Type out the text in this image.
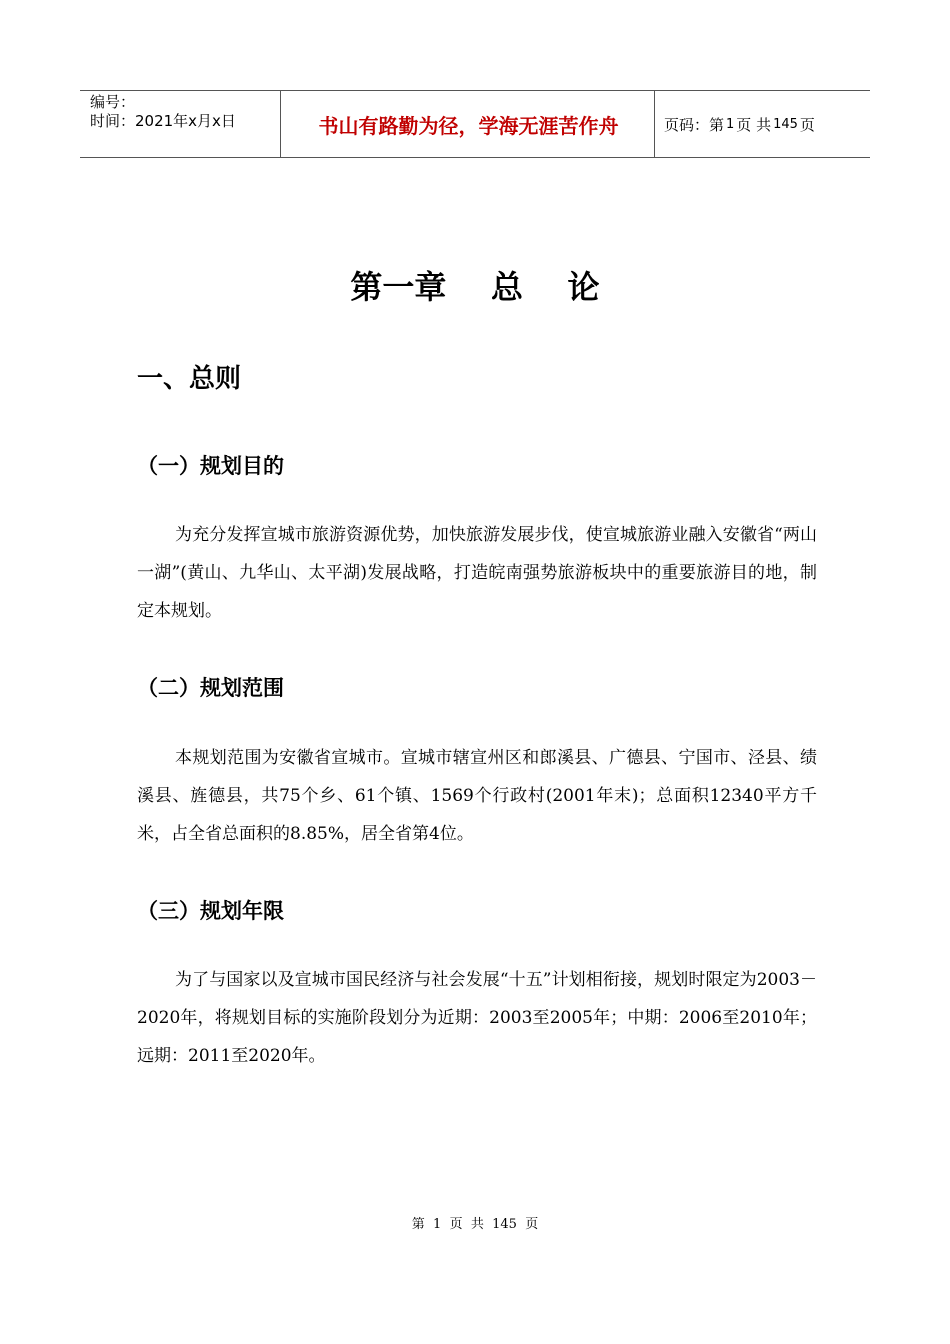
编号：
时间：2021年x月x日	书山有路勤为径，学海无涯苦作舟	页码：第 1 页 共 145 页
第一章    总    论
一、总则
（一）规划目的

为充分发挥宣城市旅游资源优势，加快旅游发展步伐，使宣城旅游业融入安徽省“两山一湖”(黄山、九华山、太平湖)发展战略，打造皖南强势旅游板块中的重要旅游目的地，制定本规划。

（二）规划范围

本规划范围为安徽省宣城市。宣城市辖宣州区和郎溪县、广德县、宁国市、泾县、绩溪县、旌德县，共75个乡、61个镇、1569个行政村(2001年末)；总面积12340平方千米，占全省总面积的8.85%，居全省第4位。

（三）规划年限

为了与国家以及宣城市国民经济与社会发展“十五”计划相衔接，规划时限定为2003－2020年，将规划目标的实施阶段划分为近期：2003至2005年；中期：2006至2010年；远期：2011至2020年。

第  1  页  共  145  页
